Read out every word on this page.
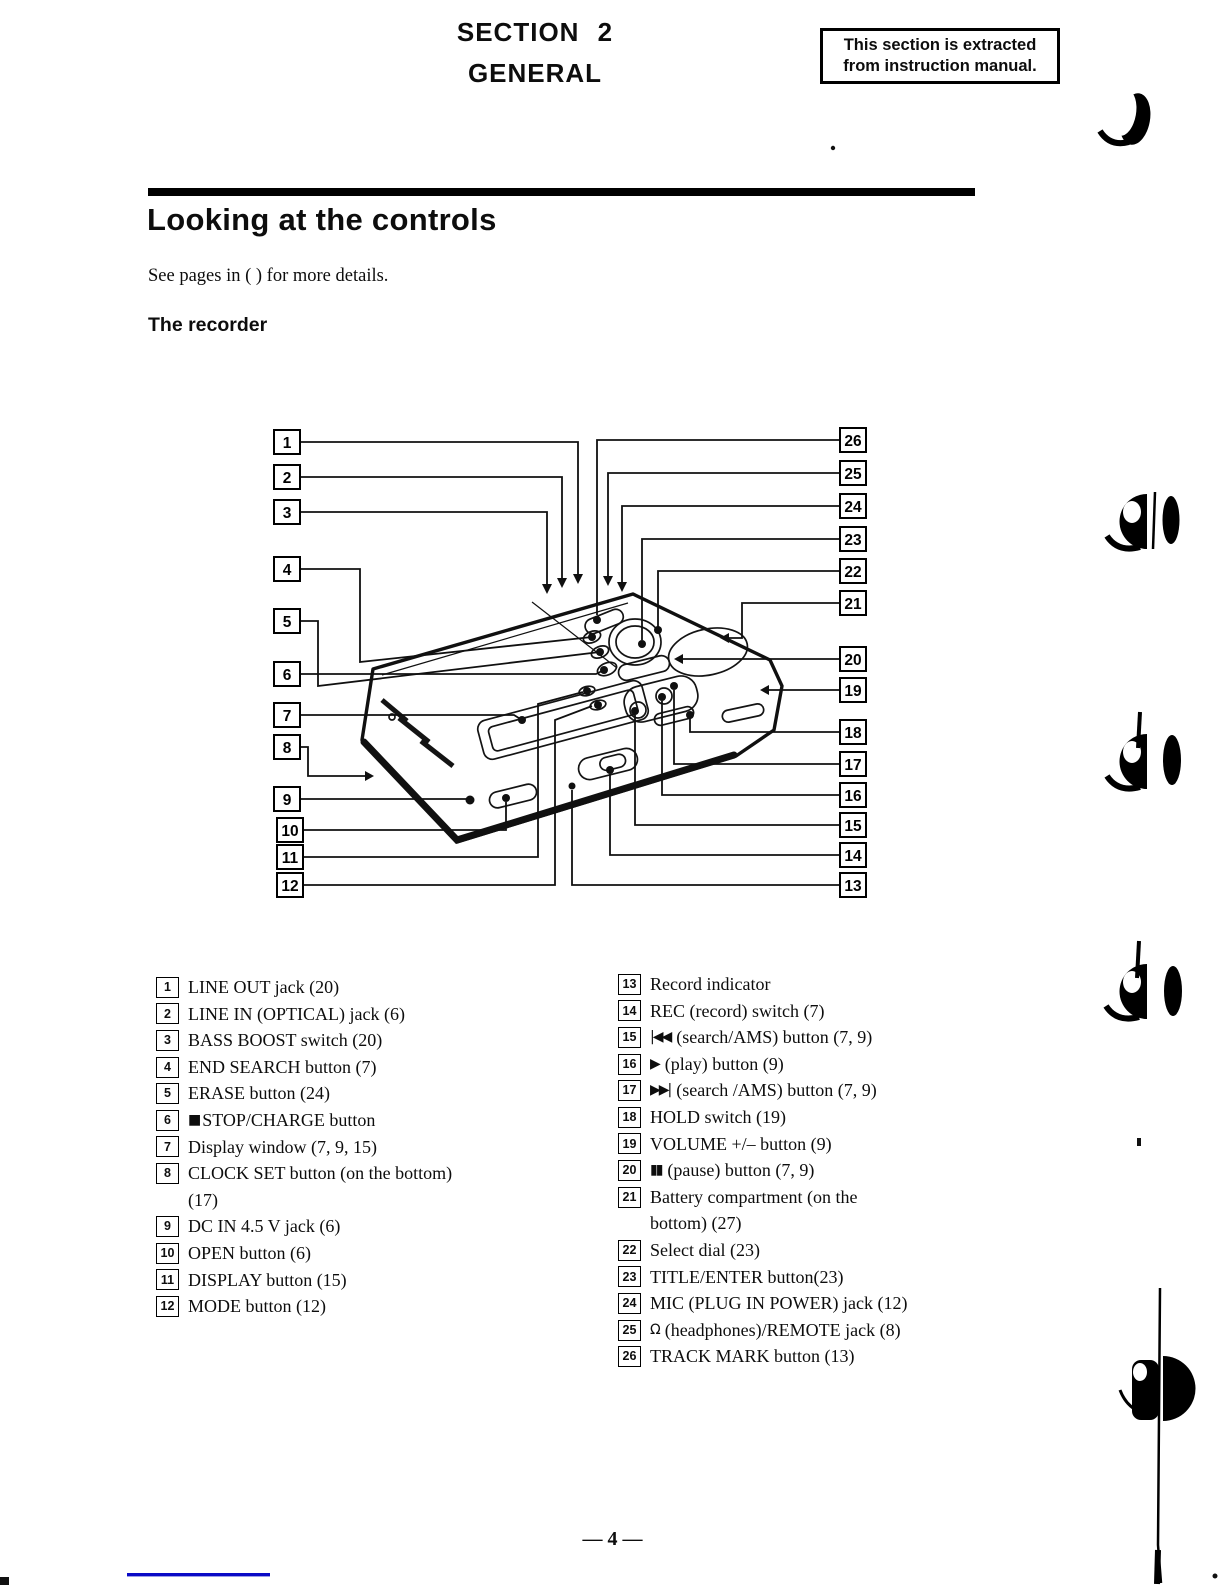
SECTION 2
GENERAL
This section is extracted
from instruction manual.
Looking at the controls
See pages in ( ) for more details.
The recorder
1
2
3
4
5
6
7
8
9
10
11
12
26
25
24
23
22
21
20
19
18
17
16
15
14
13
1 LINE OUT jack (20)
2 LINE IN (OPTICAL) jack (6)
3 BASS BOOST switch (20)
4 END SEARCH button (7)
5 ERASE button (24)
6	■ STOP/CHARGE button
7 Display window (7, 9, 15)
8 CLOCK SET button (on the bottom)
(17)
9 DC IN 4.5 V jack (6)
10 OPEN button (6)
11 DISPLAY button (15)
12 MODE button (12)
13 Record indicator
14 REC (record) switch (7)
15 |◀◀ (search/AMS) button (7, 9)
16 ▶ (play) button (9)
17 ▶▶| (search /AMS) button (7, 9)
18 HOLD switch (19)
19 VOLUME +/– button (9)
20 ▮▮ (pause) button (7, 9)
21 Battery compartment (on the
bottom) (27)
22 Select dial (23)
23 TITLE/ENTER button(23)
24 MIC (PLUG IN POWER) jack (12)
25 Ω (headphones)/REMOTE jack (8)
26 TRACK MARK button (13)
— 4 —
